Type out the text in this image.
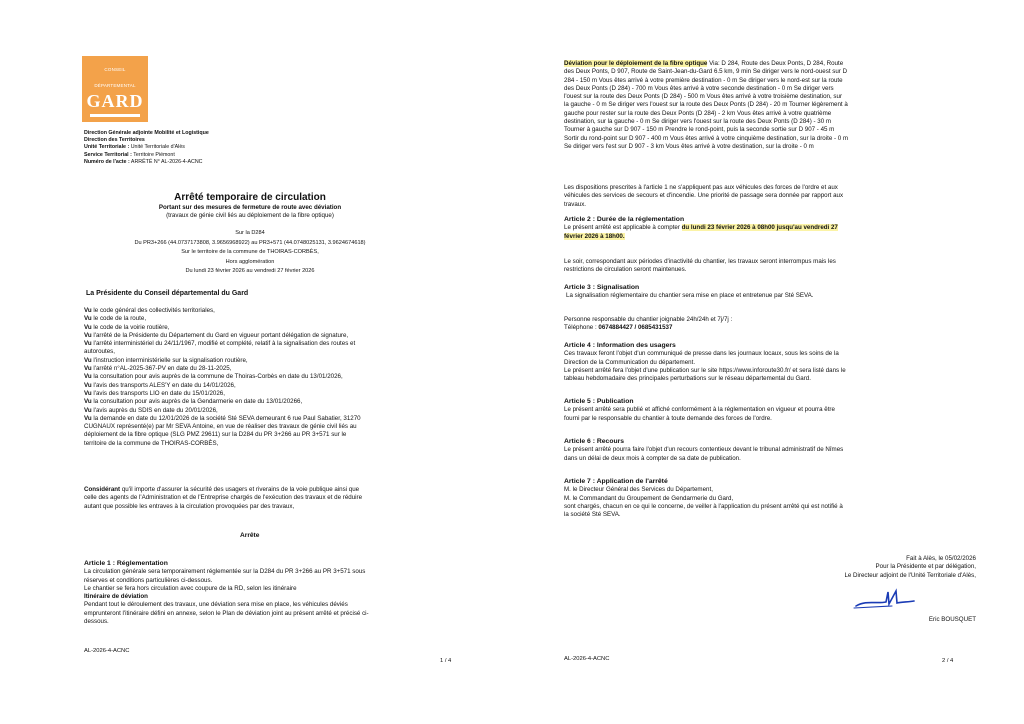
CONSEIL
DÉPARTEMENTAL
GARD
Direction Générale adjointe Mobilité et Logistique
Direction des Territoires
Unité Territoriale : Unité Territoriale d'Alès
Service Territorial : Territoire Piémont
Numéro de l'acte : ARRÊTÉ N° AL-2026-4-ACNC
Arrêté temporaire de circulation
Portant sur des mesures de fermeture de route avec déviation
(travaux de génie civil liés au déploiement de la fibre optique)
Sur la D284
Du PR3+266 (44.0737173808, 3.9656968922) au PR3+571 (44.0748025131, 3.9624674618)
Sur le territoire de la commune de THOIRAS-CORBÈS,
Hors agglomération
Du lundi 23 février 2026 au vendredi 27 février 2026
La Présidente du Conseil départemental du Gard

Vu le code général des collectivités territoriales,

Vu le code de la route,

Vu le code de la voirie routière,

Vu l'arrêté de la Présidente du Département du Gard en vigueur portant délégation de signature,

Vu l'arrêté interministériel du 24/11/1967, modifié et complété, relatif à la signalisation des routes et

autoroutes,

Vu l'instruction interministérielle sur la signalisation routière,

Vu l'arrêté n°AL-2025-367-PV en date du 28-11-2025,

Vu la consultation pour avis auprès de la commune de Thoiras-Corbès en date du 13/01/2026,

Vu l'avis des transports ALES'Y en date du 14/01/2026,

Vu l'avis des transports LIO en date du 15/01/2026,

Vu la consultation pour avis auprès de la Gendarmerie en date du 13/01/20266,

Vu l'avis auprès du SDIS en date du 20/01/2026,

Vu la demande en date du 12/01/2026 de la société Sté SEVA demeurant 6 rue Paul Sabatier, 31270

CUGNAUX représenté(e) par Mr SEVA Antoine, en vue de réaliser des travaux de génie civil liés au

déploiement de la fibre optique (SLG PMZ 29611) sur la D284 du PR 3+266 au PR 3+571 sur le

territoire de la commune de THOIRAS-CORBÈS,

Considérant qu'il importe d'assurer la sécurité des usagers et riverains de la voie publique ainsi que

celle des agents de l'Administration et de l'Entreprise chargés de l'exécution des travaux et de réduire

autant que possible les entraves à la circulation provoquées par des travaux,

Arrête

Article 1 : Réglementation

La circulation générale sera temporairement réglementée sur la D284 du PR 3+266 au PR 3+571 sous

réserves et conditions particulières ci-dessous.

Le chantier se fera hors circulation avec coupure de la RD, selon les itinéraire

Itinéraire de déviation

Pendant tout le déroulement des travaux, une déviation sera mise en place, les véhicules déviés

emprunteront l'itinéraire défini en annexe, selon le Plan de déviation joint au présent arrêté et précisé ci-

dessous.

AL-2026-4-ACNC
1 / 4

Déviation pour le déploiement de la fibre optique Via: D 284, Route des Deux Ponts, D 284, Route

des Deux Ponts, D 907, Route de Saint-Jean-du-Gard 6.5 km, 9 min Se diriger vers le nord-ouest sur D

284 - 150 m Vous êtes arrivé à votre première destination - 0 m Se diriger vers le nord-est sur la route

des Deux Ponts (D 284) - 700 m Vous êtes arrivé à votre seconde destination - 0 m Se diriger vers

l'ouest sur la route des Deux Ponts (D 284) - 500 m Vous êtes arrivé à votre troisième destination, sur

la gauche - 0 m Se diriger vers l'ouest sur la route des Deux Ponts (D 284) - 20 m Tourner légèrement à

gauche pour rester sur la route des Deux Ponts (D 284) - 2 km Vous êtes arrivé à votre quatrième

destination, sur la gauche - 0 m Se diriger vers l'ouest sur la route des Deux Ponts (D 284) - 30 m

Tourner à gauche sur D 907 - 150 m Prendre le rond-point, puis la seconde sortie sur D 907 - 45 m

Sortir du rond-point sur D 907 - 400 m Vous êtes arrivé à votre cinquième destination, sur la droite - 0 m

Se diriger vers l'est sur D 907 - 3 km Vous êtes arrivé à votre destination, sur la droite - 0 m

Les dispositions prescrites à l'article 1 ne s'appliquent pas aux véhicules des forces de l'ordre et aux

véhicules des services de secours et d'incendie. Une priorité de passage sera donnée par rapport aux

travaux.

Article 2 : Durée de la réglementation

Le présent arrêté est applicable à compter du lundi 23 février 2026 à 08h00 jusqu'au vendredi 27

février 2026 à 18h00.

Le soir, correspondant aux périodes d'inactivité du chantier, les travaux seront interrompus mais les

restrictions de circulation seront maintenues.

Article 3 : Signalisation

La signalisation réglementaire du chantier sera mise en place et entretenue par Sté SEVA.

Personne responsable du chantier joignable 24h/24h et 7j/7j :

Téléphone : 0674884427 / 0685431537

Article 4 : Information des usagers

Ces travaux feront l'objet d'un communiqué de presse dans les journaux locaux, sous les soins de la

Direction de la Communication du département.

Le présent arrêté fera l'objet d'une publication sur le site https://www.inforoute30.fr/ et sera listé dans le

tableau hebdomadaire des principales perturbations sur le réseau départemental du Gard.

Article 5 : Publication

Le présent arrêté sera publié et affiché conformément à la réglementation en vigueur et pourra être

fourni par le responsable du chantier à toute demande des forces de l'ordre.

Article 6 : Recours

Le présent arrêté pourra faire l'objet d'un recours contentieux devant le tribunal administratif de Nîmes

dans un délai de deux mois à compter de sa date de publication.

Article 7 : Application de l'arrêté

M. le Directeur Général des Services du Département,

M. le Commandant du Groupement de Gendarmerie du Gard,

sont chargés, chacun en ce qui le concerne, de veiller à l'application du présent arrêté qui est notifié à

la société Sté SEVA.

Fait à Alès, le 05/02/2026
Pour la Présidente et par délégation,
Le Directeur adjoint de l'Unité Territoriale d'Alès,
Eric BOUSQUET
AL-2026-4-ACNC	2 / 4
